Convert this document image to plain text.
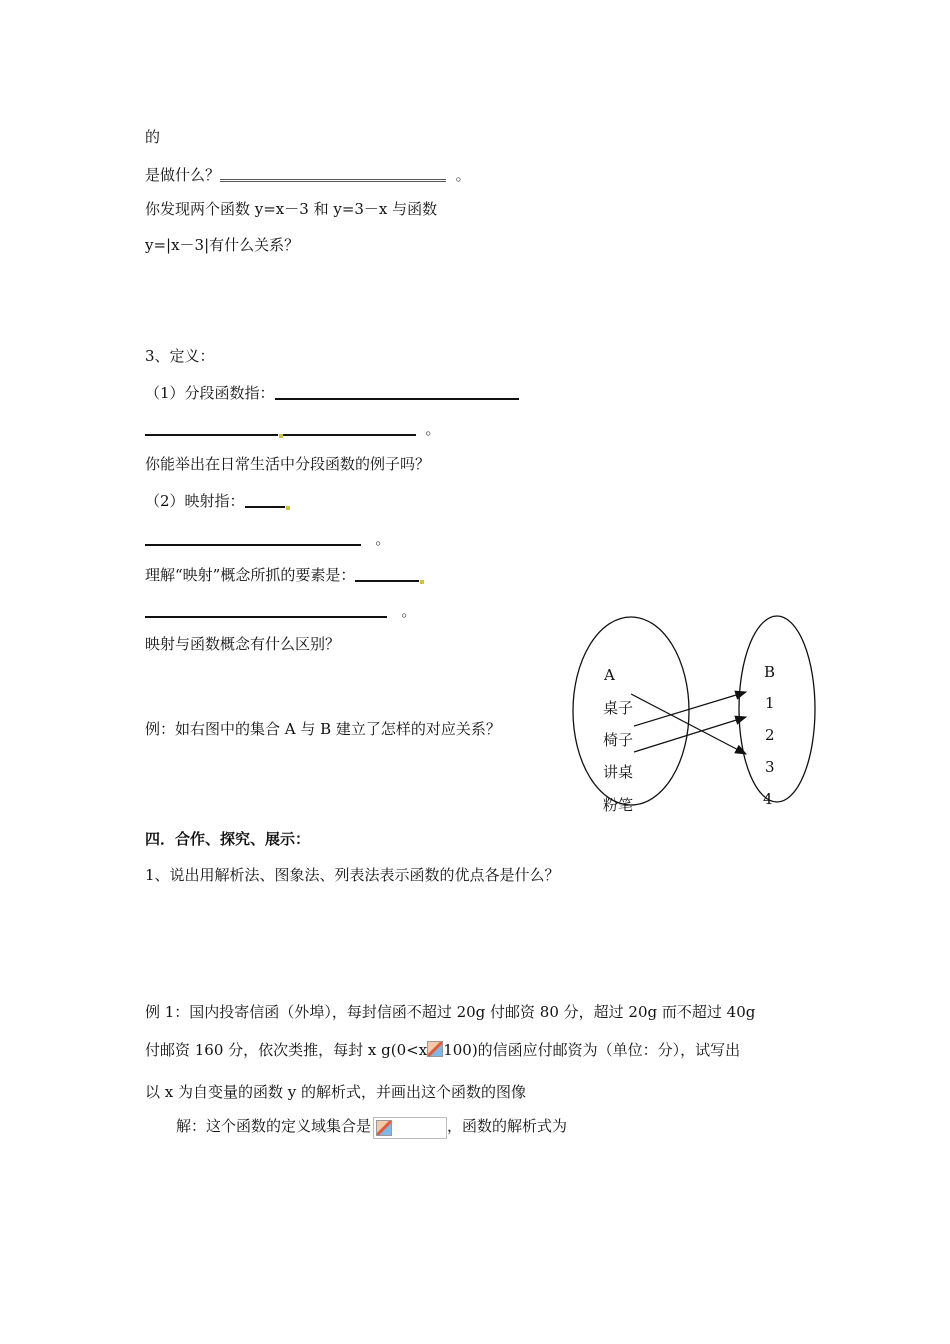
的
是做什么？	。
你发现两个函数 y=x－3 和 y=3－x 与函数
y=|x－3|有什么关系？
3、定义：
（1）分段函数指：
。
你能举出在日常生活中分段函数的例子吗？
（2）映射指：
。
理解“映射”概念所抓的要素是：
。
映射与函数概念有什么区别？
例：如右图中的集合 A 与 B 建立了怎样的对应关系？
A
桌子
椅子
讲桌
粉笔
B
1
2
3
4
四．合作、探究、展示：
1、说出用解析法、图象法、列表法表示函数的优点各是什么？
例 1：国内投寄信函（外埠），每封信函不超过 20g 付邮资 80 分，超过 20g 而不超过 40g
付邮资 160 分，依次类推，每封 x g(0<x 100)的信函应付邮资为（单位：分），试写出
以 x 为自变量的函数 y 的解析式，并画出这个函数的图像
解：这个函数的定义域集合是	，函数的解析式为
